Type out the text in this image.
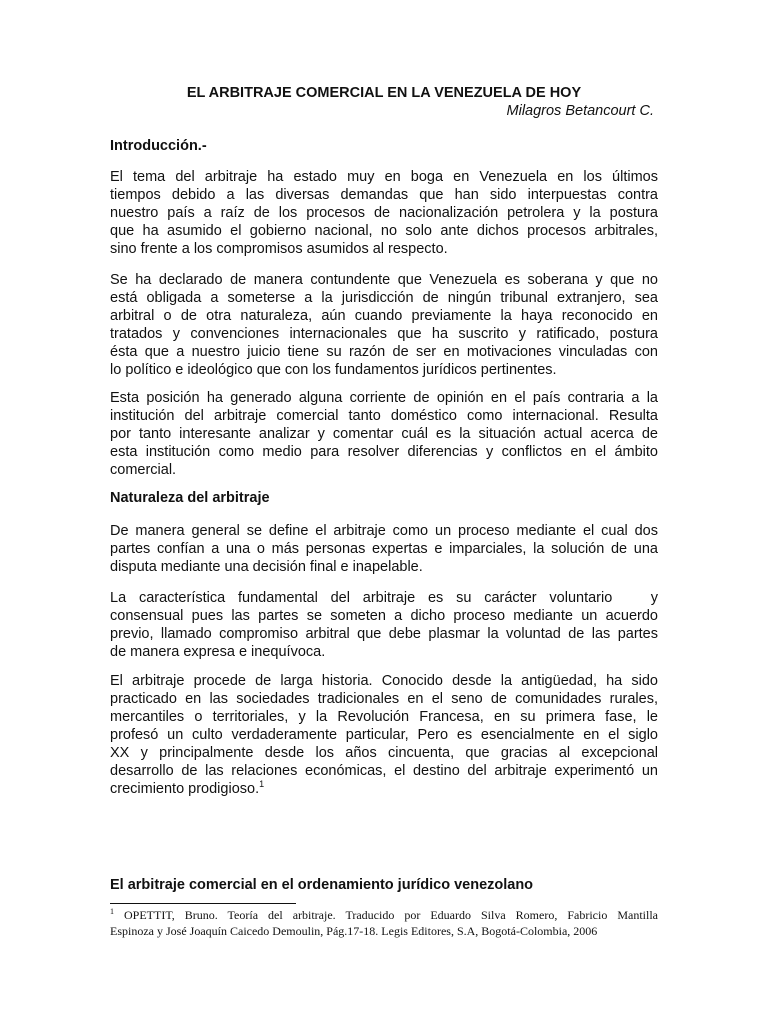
EL ARBITRAJE COMERCIAL EN LA VENEZUELA DE HOY
Milagros Betancourt C.
Introducción.-
El tema del arbitraje ha estado muy en boga en Venezuela en los últimos
tiempos debido a las diversas demandas que han sido interpuestas contra
nuestro país a raíz de los procesos de nacionalización petrolera y la postura
que ha asumido el gobierno nacional, no solo ante dichos procesos arbitrales,
sino frente a los compromisos asumidos al respecto.
Se ha declarado de manera contundente que Venezuela es soberana y que no
está obligada a someterse a la jurisdicción de ningún tribunal extranjero, sea
arbitral o de otra naturaleza, aún cuando previamente la haya reconocido en
tratados y convenciones internacionales que ha suscrito y ratificado, postura
ésta que a nuestro juicio tiene su razón de ser en motivaciones vinculadas con
lo político e ideológico que con los fundamentos jurídicos pertinentes.
Esta posición ha generado alguna corriente de opinión en el país contraria a la
institución del arbitraje comercial tanto doméstico como internacional. Resulta
por tanto interesante analizar y comentar cuál es la situación actual acerca de
esta institución como medio para resolver diferencias y conflictos en el ámbito
comercial.
Naturaleza del arbitraje
De manera general se define el arbitraje como un proceso mediante el cual dos
partes confían a una o más personas expertas e imparciales, la solución de una
disputa mediante una decisión final e inapelable.
La característica fundamental del arbitraje es su carácter voluntario   y
consensual pues las partes se someten a dicho proceso mediante un acuerdo
previo, llamado compromiso arbitral que debe plasmar la voluntad de las partes
de manera expresa e inequívoca.
El arbitraje procede de larga historia. Conocido desde la antigüedad, ha sido
practicado en las sociedades tradicionales en el seno de comunidades rurales,
mercantiles o territoriales, y la Revolución Francesa, en su primera fase, le
profesó un culto verdaderamente particular, Pero es esencialmente en el siglo
XX y principalmente desde los años cincuenta, que gracias al excepcional
desarrollo de las relaciones económicas, el destino del arbitraje experimentó un
crecimiento prodigioso.$^1$
El arbitraje comercial en el ordenamiento jurídico venezolano
$^1$ OPETTIT, Bruno. Teoría del arbitraje. Traducido por Eduardo Silva Romero, Fabricio Mantilla
Espinoza y José Joaquín Caicedo Demoulin, Pág.17-18. Legis Editores, S.A, Bogotá-Colombia, 2006
